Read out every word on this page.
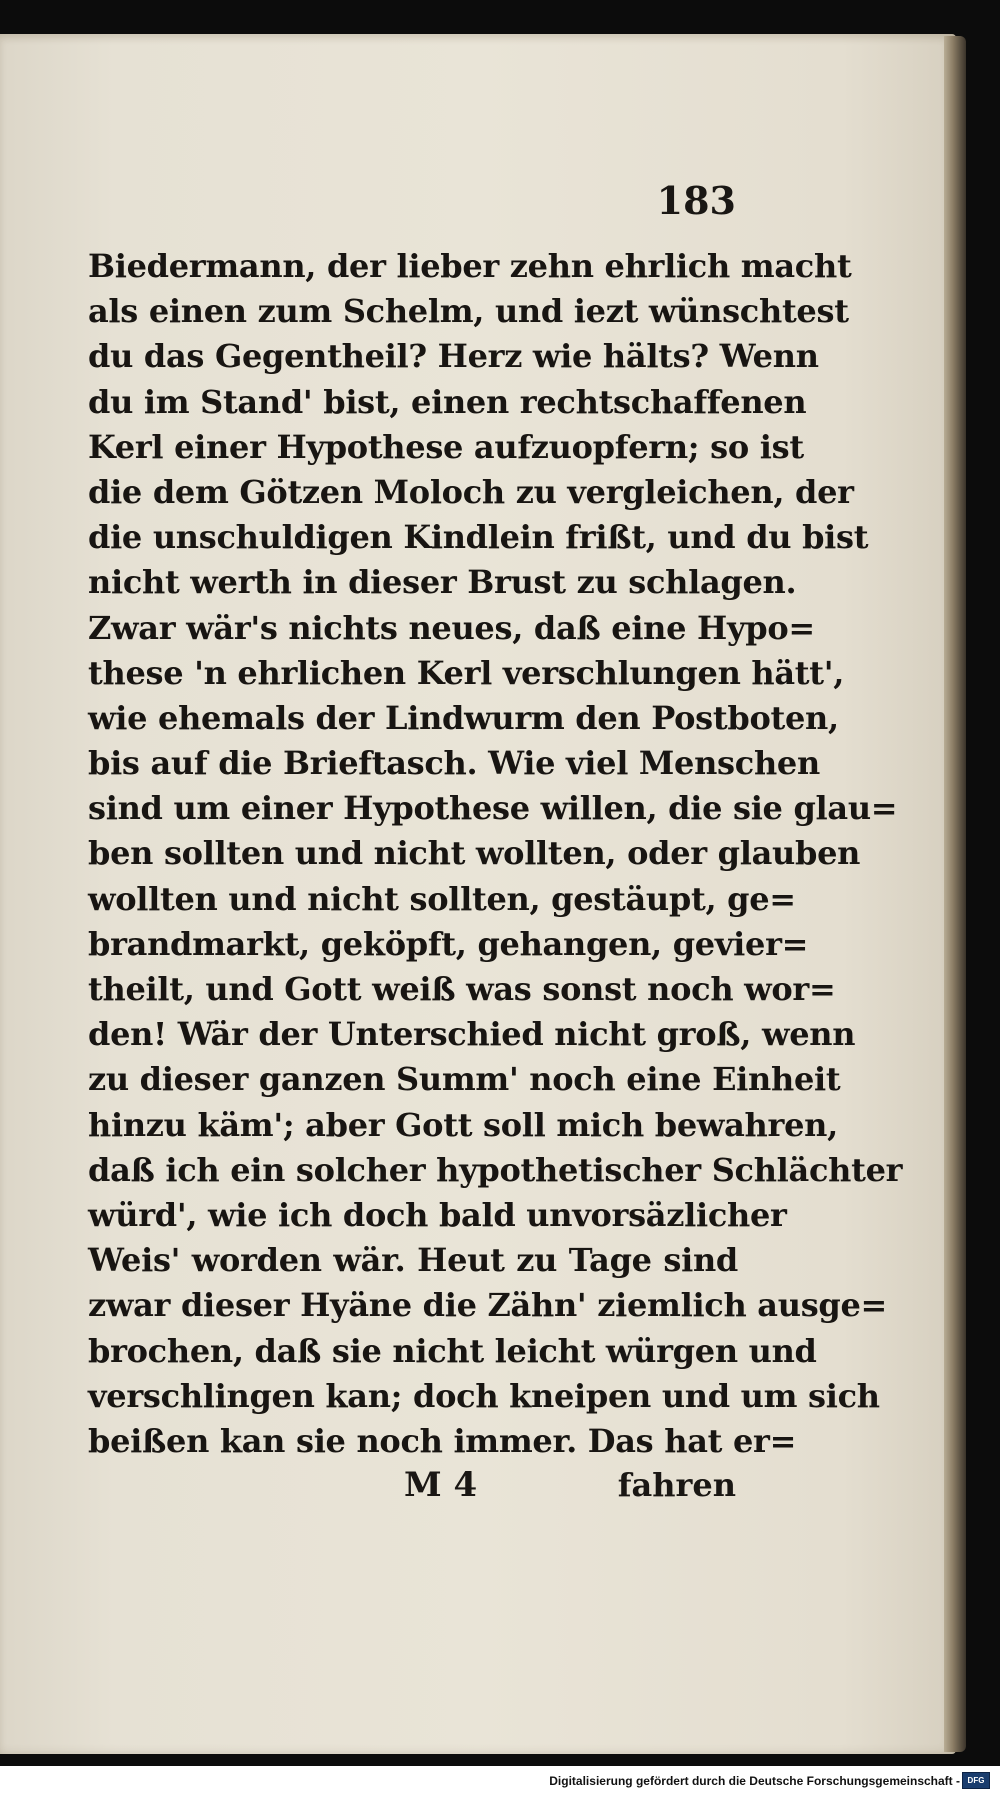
183
Biedermann, der lieber zehn ehrlich macht
als einen zum Schelm, und iezt wünschtest
du das Gegentheil? Herz wie hälts? Wenn
du im Stand' bist, einen rechtschaffenen
Kerl einer Hypothese aufzuopfern; so ist
die dem Götzen Moloch zu vergleichen, der
die unschuldigen Kindlein frißt, und du bist
nicht werth in dieser Brust zu schlagen.
Zwar wär's nichts neues, daß eine Hypo=
these 'n ehrlichen Kerl verschlungen hätt',
wie ehemals der Lindwurm den Postboten,
bis auf die Brieftasch. Wie viel Menschen
sind um einer Hypothese willen, die sie glau=
ben sollten und nicht wollten, oder glauben
wollten und nicht sollten, gestäupt, ge=
brandmarkt, geköpft, gehangen, gevier=
theilt, und Gott weiß was sonst noch wor=
den! Wär der Unterschied nicht groß, wenn
zu dieser ganzen Summ' noch eine Einheit
hinzu käm'; aber Gott soll mich bewahren,
daß ich ein solcher hypothetischer Schlächter
würd', wie ich doch bald unvorsäzlicher
Weis' worden wär. Heut zu Tage sind
zwar dieser Hyäne die Zähn' ziemlich ausge=
brochen, daß sie nicht leicht würgen und
verschlingen kan; doch kneipen und um sich
beißen kan sie noch immer. Das hat er=
M 4	fahren
Digitalisierung gefördert durch die Deutsche Forschungsgemeinschaft - DFG
